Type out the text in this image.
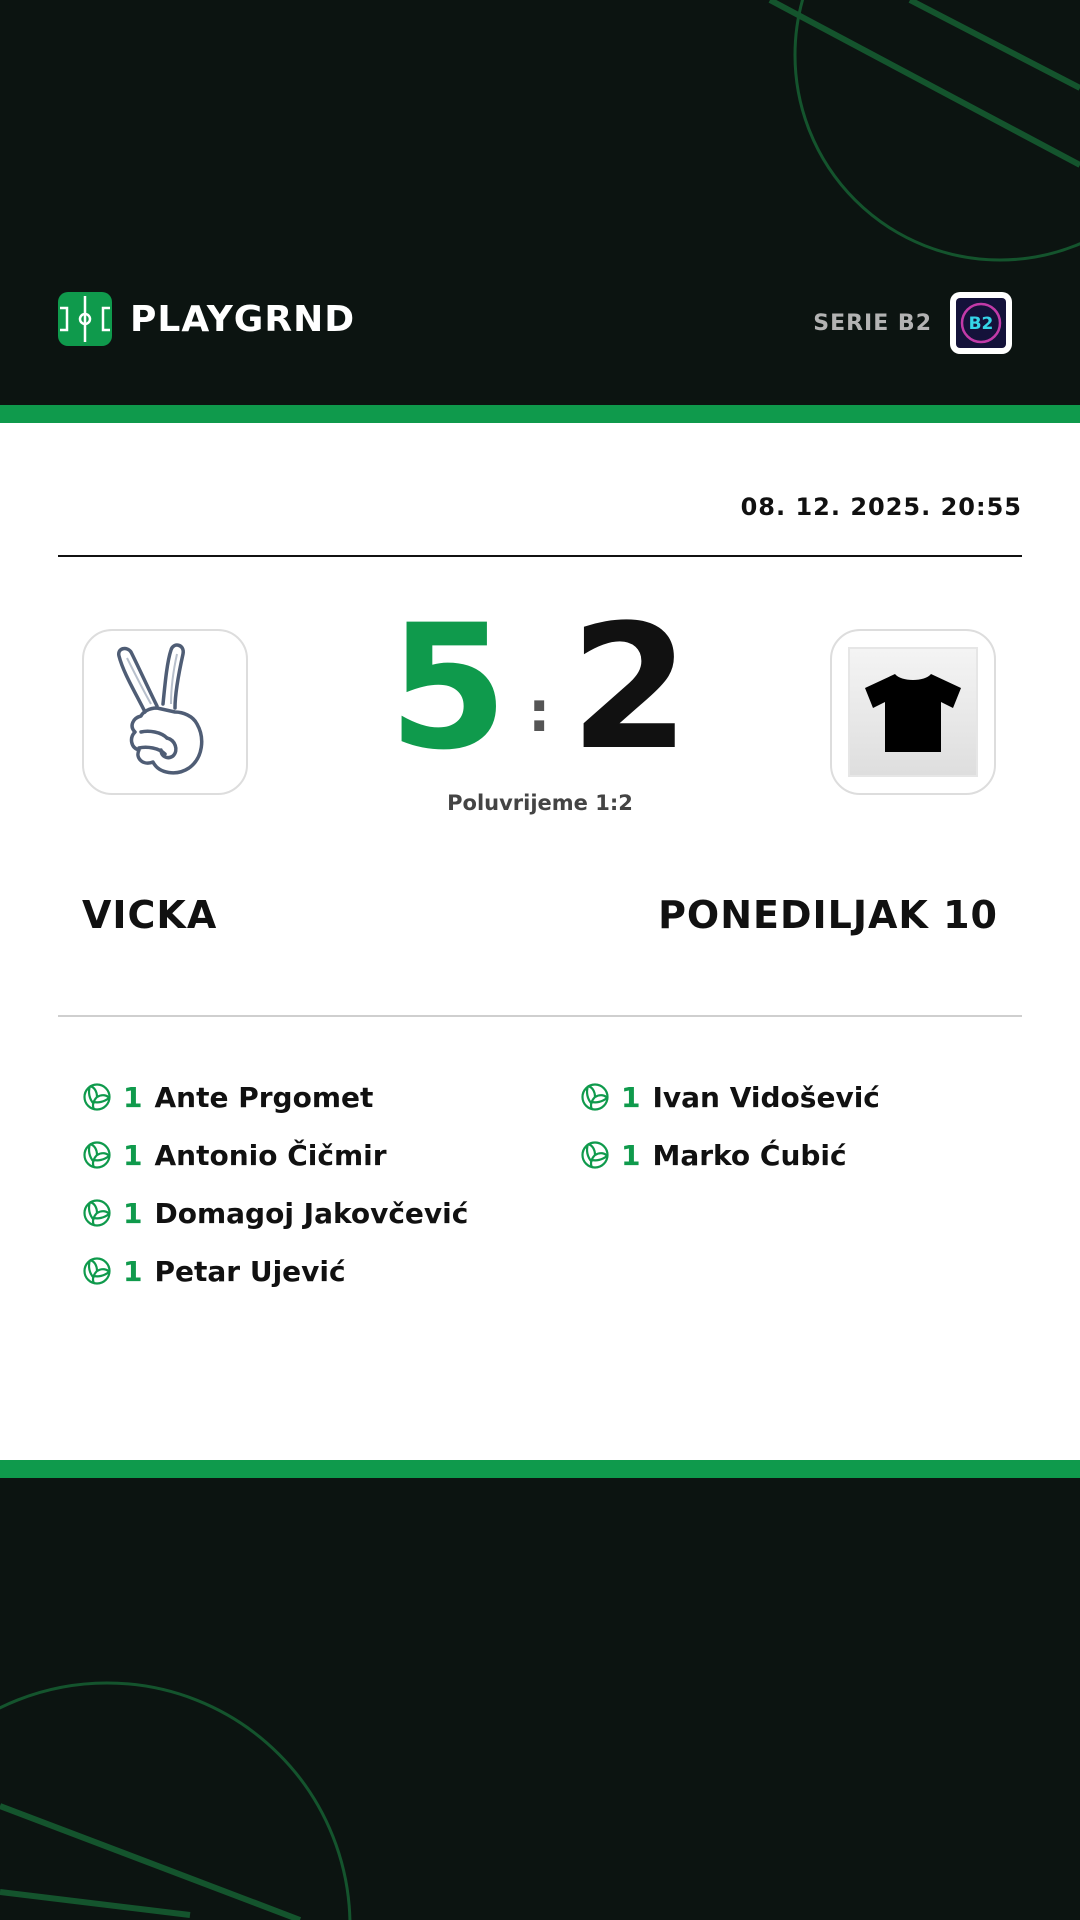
PLAYGRND	SERIE B2 B2
08. 12. 2025. 20:55
5 : 2
Poluvrijeme 1:2
VICKA	PONEDILJAK 10
1 Ante Prgomet
1 Antonio Čičmir
1 Domagoj Jakovčević
1 Petar Ujević
1 Ivan Vidošević
1 Marko Ćubić
